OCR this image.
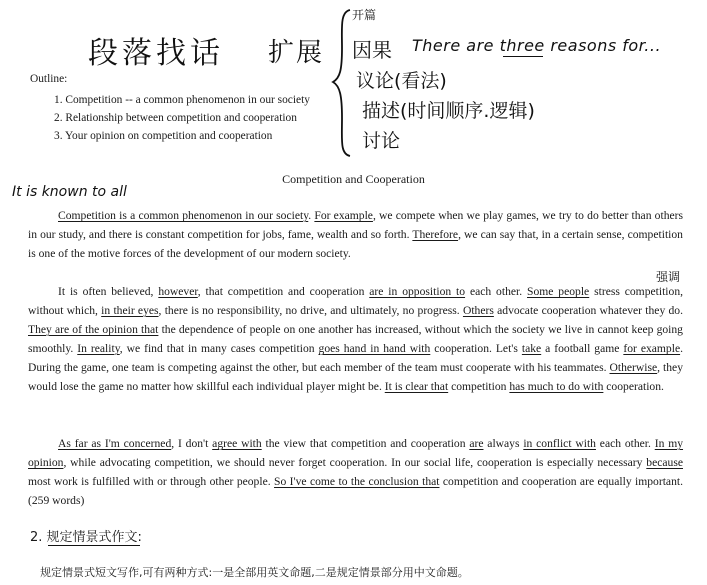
段落找话 扩展
开篇
因果 There are three reasons for...
议论(看法)
描述(时间顺序.逻辑)
讨论
Outline:
1. Competition -- a common phenomenon in our society
2. Relationship between competition and cooperation
3. Your opinion on competition and cooperation
Competition and Cooperation
It is known to all

Competition is a common phenomenon in our society. For example, we compete when we play games, we try to do better than others in our study, and there is constant competition for jobs, fame, wealth and so forth. Therefore, we can say that, in a certain sense, competition is one of the motive forces of the development of our modern society.

强调

It is often believed, however, that competition and cooperation are in opposition to each other. Some people stress competition, without which, in their eyes, there is no responsibility, no drive, and ultimately, no progress. Others advocate cooperation whatever they do. They are of the opinion that the dependence of people on one another has increased, without which the society we live in cannot keep going smoothly. In reality, we find that in many cases competition goes hand in hand with cooperation. Let's take a football game for example. During the game, one team is competing against the other, but each member of the team must cooperate with his teammates. Otherwise, they would lose the game no matter how skillful each individual player might be. It is clear that competition has much to do with cooperation.

As far as I'm concerned, I don't agree with the view that competition and cooperation are always in conflict with each other. In my opinion, while advocating competition, we should never forget cooperation. In our social life, cooperation is especially necessary because most work is fulfilled with or through other people. So I've come to the conclusion that competition and cooperation are equally important. (259 words)

2. 规定情景式作文:
规定情景式短文写作,可有两种方式:一是全部用英文命题,二是规定情景部分用中文命题。
